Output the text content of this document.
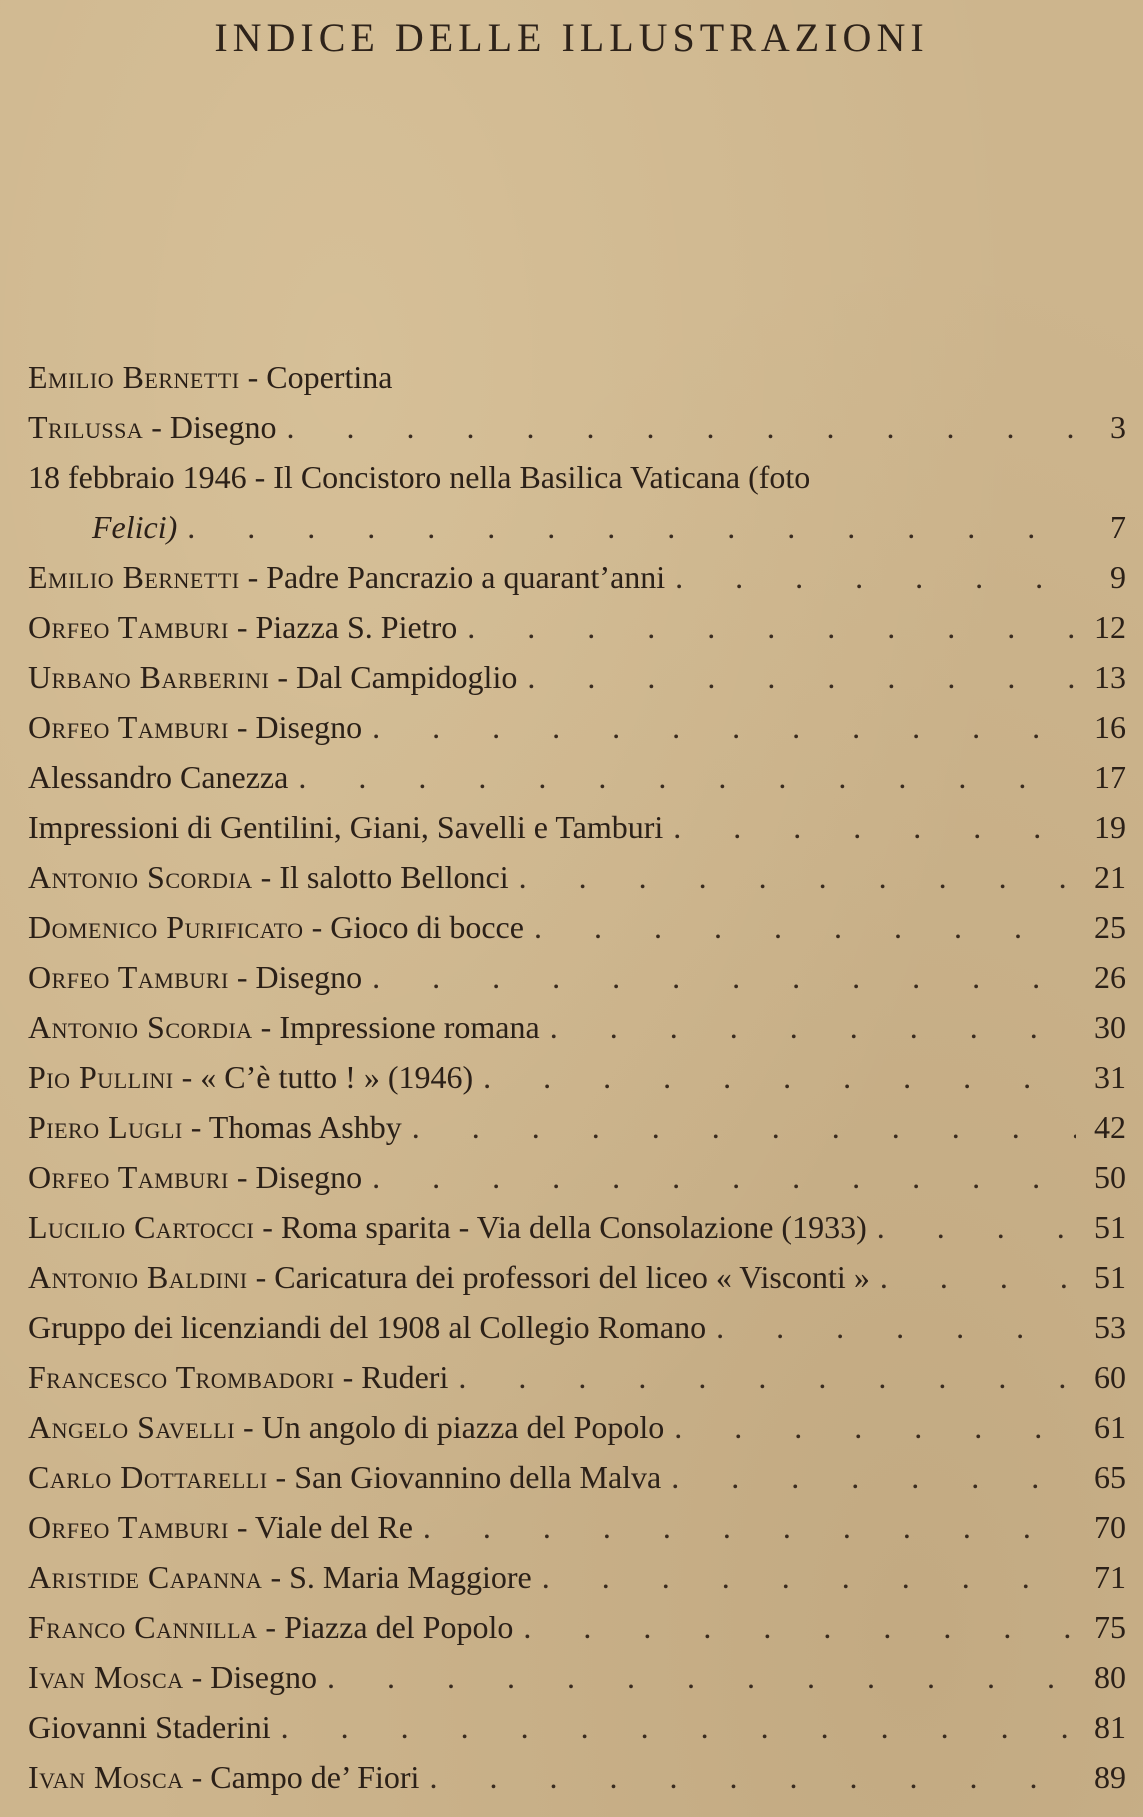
INDICE DELLE ILLUSTRAZIONI
Emilio Bernetti - Copertina
Trilussa - Disegno . . .	3
18 febbraio 1946 - Il Concistoro nella Basilica Vaticana (foto
Felici) . . .	7
Emilio Bernetti - Padre Pancrazio a quarant’anni . . .	9
Orfeo Tamburi - Piazza S. Pietro . . .	12
Urbano Barberini - Dal Campidoglio . . .	13
Orfeo Tamburi - Disegno . . .	16
Alessandro Canezza . . .	17
Impressioni di Gentilini, Giani, Savelli e Tamburi . . .	19
Antonio Scordia - Il salotto Bellonci . . .	21
Domenico Purificato - Gioco di bocce . . .	25
Orfeo Tamburi - Disegno . . .	26
Antonio Scordia - Impressione romana . . .	30
Pio Pullini - « C’è tutto ! » (1946) . . .	31
Piero Lugli - Thomas Ashby . . .	42
Orfeo Tamburi - Disegno . . .	50
Lucilio Cartocci - Roma sparita - Via della Consolazione (1933) . . .	51
Antonio Baldini - Caricatura dei professori del liceo « Visconti » . . .	51
Gruppo dei licenziandi del 1908 al Collegio Romano . . .	53
Francesco Trombadori - Ruderi . . .	60
Angelo Savelli - Un angolo di piazza del Popolo . . .	61
Carlo Dottarelli - San Giovannino della Malva . . .	65
Orfeo Tamburi - Viale del Re . . .	70
Aristide Capanna - S. Maria Maggiore . . .	71
Franco Cannilla - Piazza del Popolo . . .	75
Ivan Mosca - Disegno . . .	80
Giovanni Staderini . . .	81
Ivan Mosca - Campo de’ Fiori . . .	89
